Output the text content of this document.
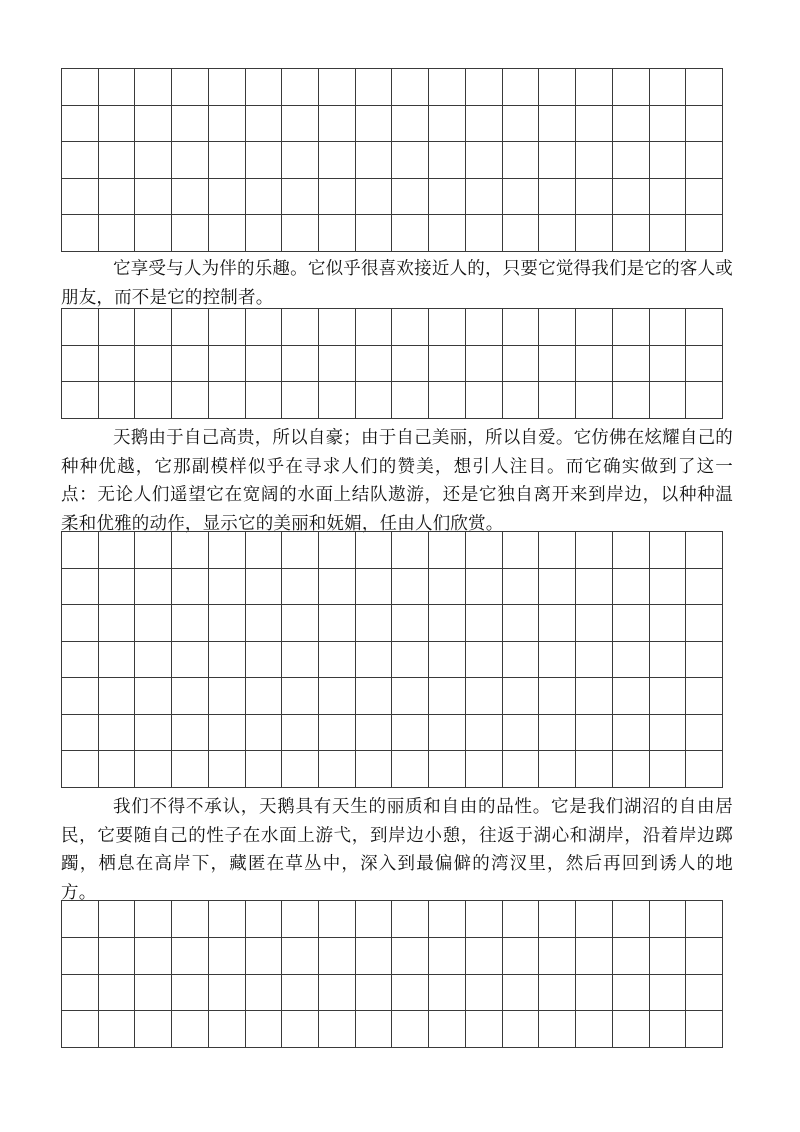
它享受与人为伴的乐趣。它似乎很喜欢接近人的，只要它觉得我们是它的客人或朋友，而不是它的控制者。

天鹅由于自己高贵，所以自豪；由于自己美丽，所以自爱。它仿佛在炫耀自己的种种优越，它那副模样似乎在寻求人们的赞美，想引人注目。而它确实做到了这一点：无论人们遥望它在宽阔的水面上结队遨游，还是它独自离开来到岸边，以种种温柔和优雅的动作，显示它的美丽和妩媚，任由人们欣赏。

我们不得不承认，天鹅具有天生的丽质和自由的品性。它是我们湖沼的自由居民，它要随自己的性子在水面上游弋，到岸边小憩，往返于湖心和湖岸，沿着岸边踯躅，栖息在高岸下，藏匿在草丛中，深入到最偏僻的湾汊里，然后再回到诱人的地方。
